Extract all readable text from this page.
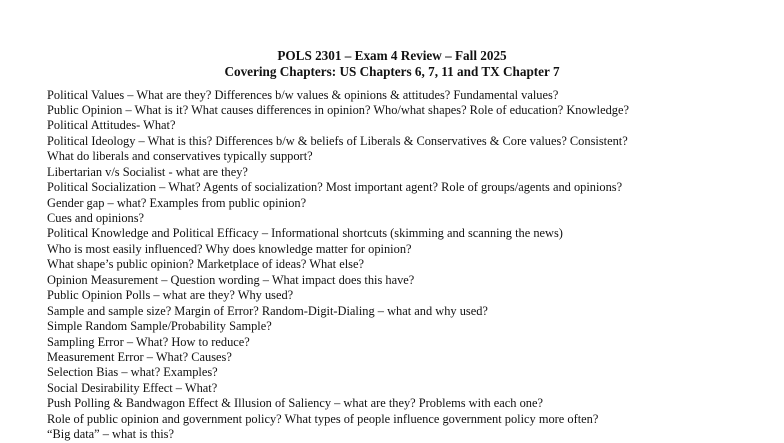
POLS 2301 – Exam 4 Review – Fall 2025
Covering Chapters: US Chapters 6, 7, 11 and TX Chapter 7
Political Values – What are they? Differences b/w values & opinions & attitudes? Fundamental values?
Public Opinion – What is it? What causes differences in opinion? Who/what shapes? Role of education? Knowledge?
Political Attitudes- What?
Political Ideology – What is this? Differences b/w & beliefs of Liberals & Conservatives & Core values? Consistent?
What do liberals and conservatives typically support?
Libertarian v/s Socialist - what are they?
Political Socialization – What? Agents of socialization? Most important agent? Role of groups/agents and opinions?
Gender gap – what? Examples from public opinion?
Cues and opinions?
Political Knowledge and Political Efficacy – Informational shortcuts (skimming and scanning the news)
Who is most easily influenced? Why does knowledge matter for opinion?
What shape’s public opinion? Marketplace of ideas? What else?
Opinion Measurement – Question wording – What impact does this have?
Public Opinion Polls – what are they? Why used?
Sample and sample size? Margin of Error? Random-Digit-Dialing – what and why used?
Simple Random Sample/Probability Sample?
Sampling Error – What? How to reduce?
Measurement Error – What? Causes?
Selection Bias – what? Examples?
Social Desirability Effect – What?
Push Polling & Bandwagon Effect & Illusion of Saliency – what are they? Problems with each one?
Role of public opinion and government policy? What types of people influence government policy more often?
“Big data” – what is this?
